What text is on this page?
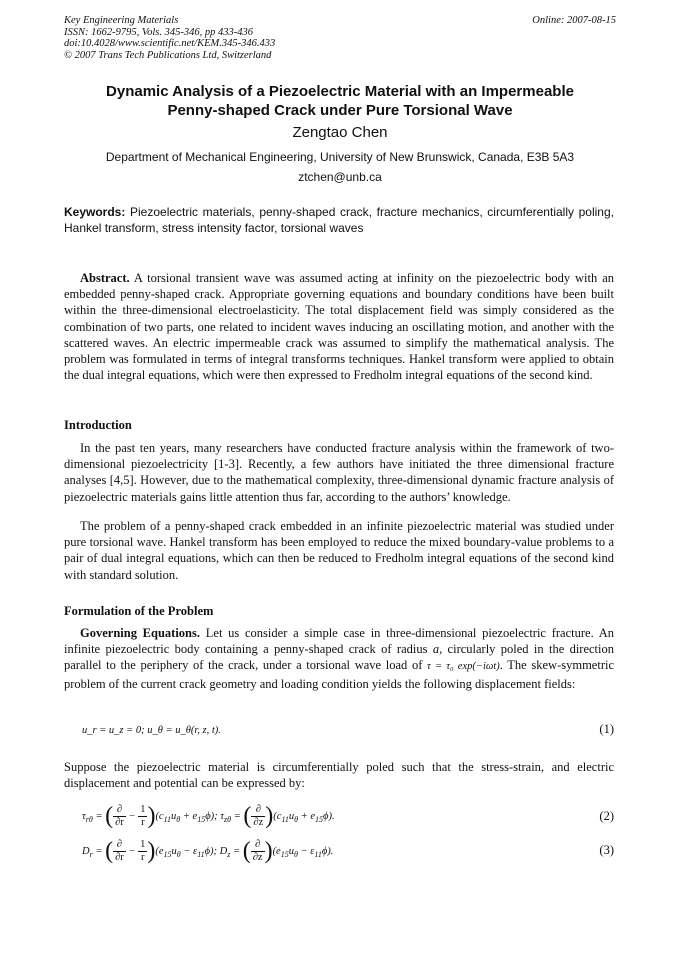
Key Engineering Materials
ISSN: 1662-9795, Vols. 345-346, pp 433-436
doi:10.4028/www.scientific.net/KEM.345-346.433
© 2007 Trans Tech Publications Ltd, Switzerland
Online: 2007-08-15
Dynamic Analysis of a Piezoelectric Material with an Impermeable
Penny-shaped Crack under Pure Torsional Wave
Zengtao Chen
Department of Mechanical Engineering, University of New Brunswick, Canada, E3B 5A3
ztchen@unb.ca
Keywords: Piezoelectric materials, penny-shaped crack, fracture mechanics, circumferentially poling, Hankel transform, stress intensity factor, torsional waves
Abstract. A torsional transient wave was assumed acting at infinity on the piezoelectric body with an embedded penny-shaped crack. Appropriate governing equations and boundary conditions have been built within the three-dimensional electroelasticity. The total displacement field was simply considered as the combination of two parts, one related to incident waves inducing an oscillating motion, and another with the scattered waves. An electric impermeable crack was assumed to simplify the mathematical analysis. The problem was formulated in terms of integral transforms techniques. Hankel transform were applied to obtain the dual integral equations, which were then expressed to Fredholm integral equations of the second kind.
Introduction
In the past ten years, many researchers have conducted fracture analysis within the framework of two-dimensional piezoelectricity [1-3]. Recently, a few authors have initiated the three dimensional fracture analyses [4,5]. However, due to the mathematical complexity, three-dimensional dynamic fracture analysis of piezoelectric materials gains little attention thus far, according to the authors’ knowledge.
The problem of a penny-shaped crack embedded in an infinite piezoelectric material was studied under pure torsional wave. Hankel transform has been employed to reduce the mixed boundary-value problems to a pair of dual integral equations, which can then be reduced to Fredholm integral equations of the second kind with standard solution.
Formulation of the Problem
Governing Equations. Let us consider a simple case in three-dimensional piezoelectric fracture. An infinite piezoelectric body containing a penny-shaped crack of radius a, circularly poled in the direction parallel to the periphery of the crack, under a torsional wave load of τ = τ₀ exp(−iωt). The skew-symmetric problem of the current crack geometry and loading condition yields the following displacement fields:
u_r = u_z = 0; u_θ = u_θ(r, z, t).	(1)
Suppose the piezoelectric material is circumferentially poled such that the stress-strain, and electric displacement and potential can be expressed by:
$\tau_{r\theta}$ = ( $\frac{\partial}{\partial r} - \frac{1}{r} )(c_{11}u_\theta + e_{15}\phi)$; $\tau_{z\theta}$ = ( $\frac{\partial}{\partial z} )(c_{11}u_\theta + e_{15}\phi)$.	(2)
$D_r$ = ( $\frac{\partial}{\partial r} - \frac{1}{r} )(e_{15}u_\theta - \varepsilon_{11}\phi)$; $D_z$ = ( $\frac{\partial}{\partial z} )(e_{15}u_\theta - \varepsilon_{11}\phi)$.	(3)
